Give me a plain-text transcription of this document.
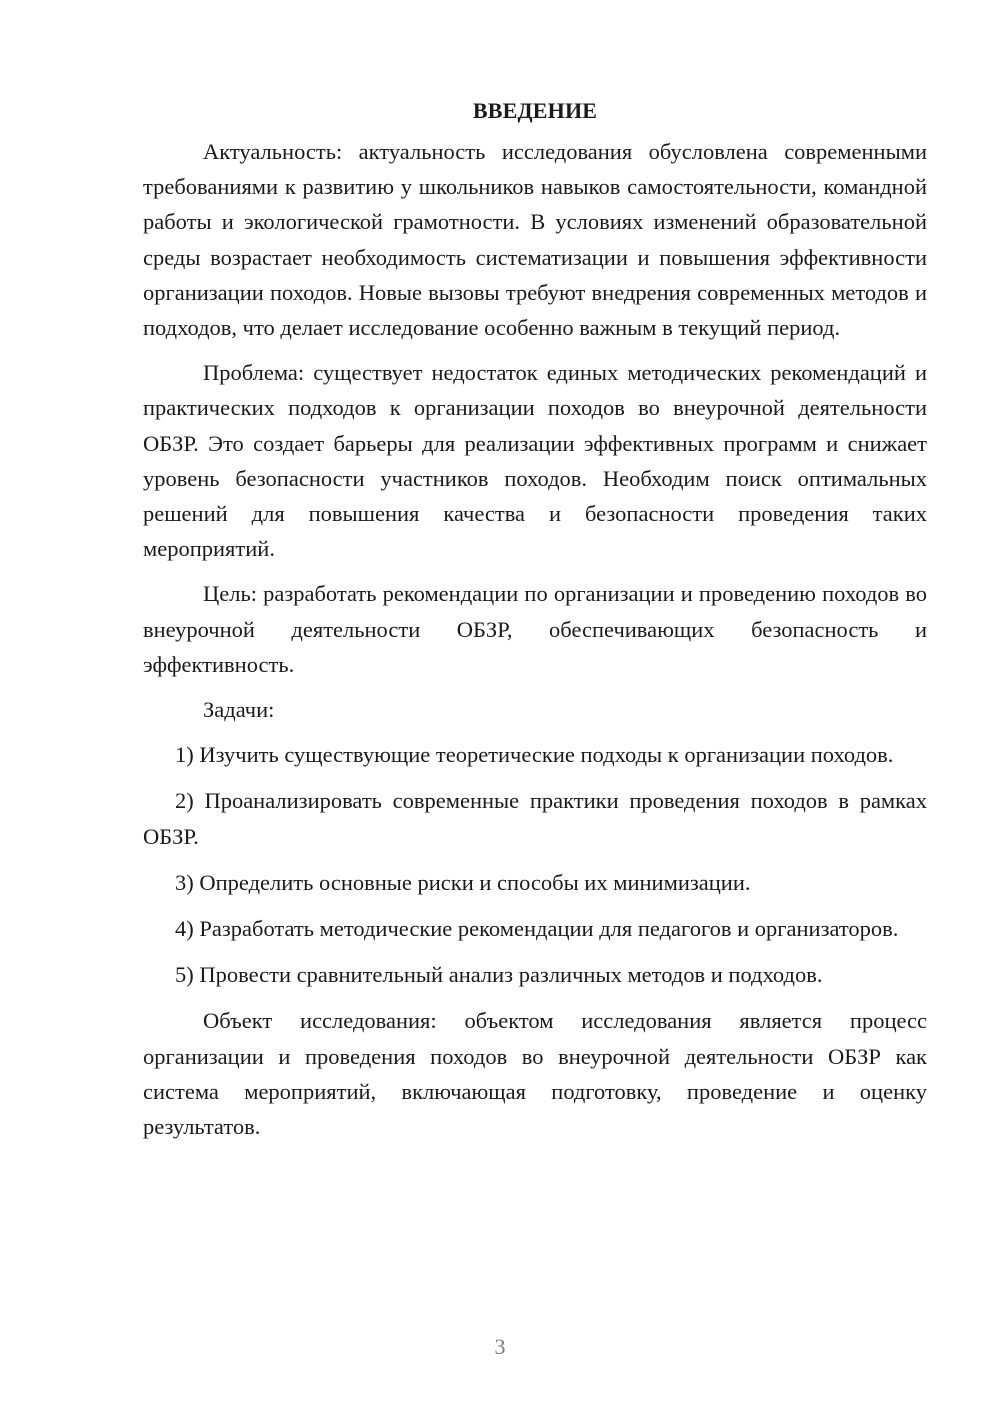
ВВЕДЕНИЕ

Актуальность: актуальность исследования обусловлена современными требованиями к развитию у школьников навыков самостоятельности, командной работы и экологической грамотности. В условиях изменений образовательной среды возрастает необходимость систематизации и повышения эффективности организации походов. Новые вызовы требуют внедрения современных методов и подходов, что делает исследование особенно важным в текущий период.

Проблема: существует недостаток единых методических рекомендаций и практических подходов к организации походов во внеурочной деятельности ОБЗР. Это создает барьеры для реализации эффективных программ и снижает уровень безопасности участников походов. Необходим поиск оптимальных решений для повышения качества и безопасности проведения таких мероприятий.

Цель: разработать рекомендации по организации и проведению походов во внеурочной деятельности ОБЗР, обеспечивающих безопасность и эффективность.

Задачи:

1) Изучить существующие теоретические подходы к организации походов.

2) Проанализировать современные практики проведения походов в рамках ОБЗР.

3) Определить основные риски и способы их минимизации.

4) Разработать методические рекомендации для педагогов и организаторов.

5) Провести сравнительный анализ различных методов и подходов.

Объект исследования: объектом исследования является процесс организации и проведения походов во внеурочной деятельности ОБЗР как система мероприятий, включающая подготовку, проведение и оценку результатов.

3
